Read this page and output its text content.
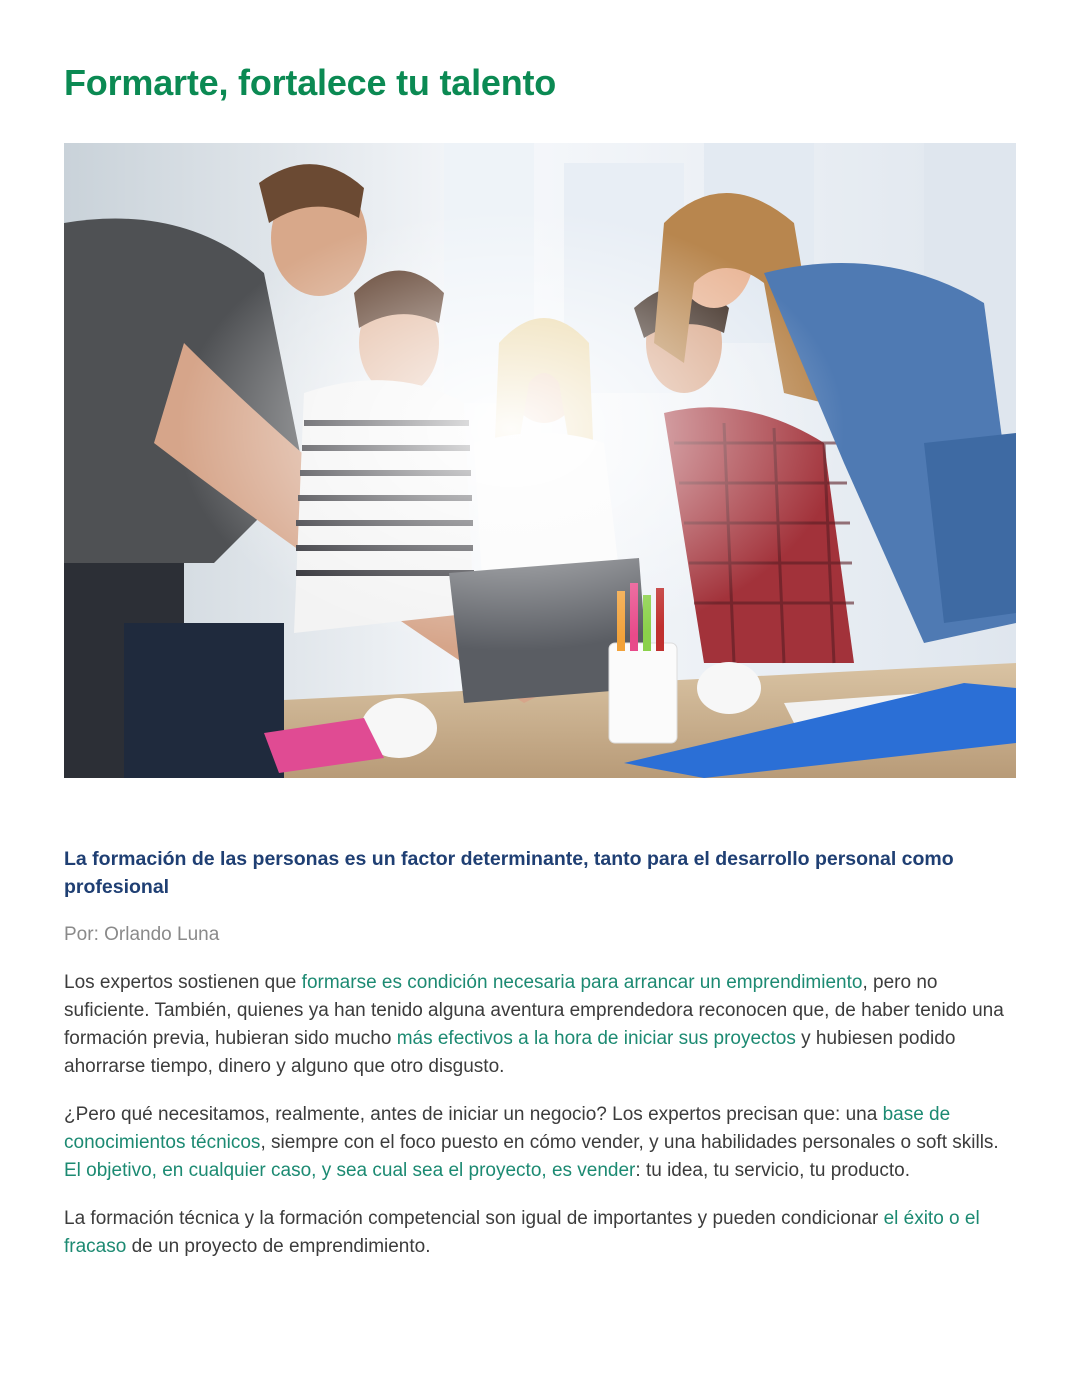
Formarte, fortalece tu talento
La formación de las personas es un factor determinante, tanto para el desarrollo personal como profesional

Por: Orlando Luna

Los expertos sostienen que formarse es condición necesaria para arrancar un emprendimiento, pero no suficiente. También, quienes ya han tenido alguna aventura emprendedora reconocen que, de haber tenido una formación previa, hubieran sido mucho más efectivos a la hora de iniciar sus proyectos y hubiesen podido ahorrarse tiempo, dinero y alguno que otro disgusto.

¿Pero qué necesitamos, realmente, antes de iniciar un negocio? Los expertos precisan que: una base de conocimientos técnicos, siempre con el foco puesto en cómo vender, y una habilidades personales o soft skills. El objetivo, en cualquier caso, y sea cual sea el proyecto, es vender: tu idea, tu servicio, tu producto.

La formación técnica y la formación competencial son igual de importantes y pueden condicionar el éxito o el fracaso de un proyecto de emprendimiento.
